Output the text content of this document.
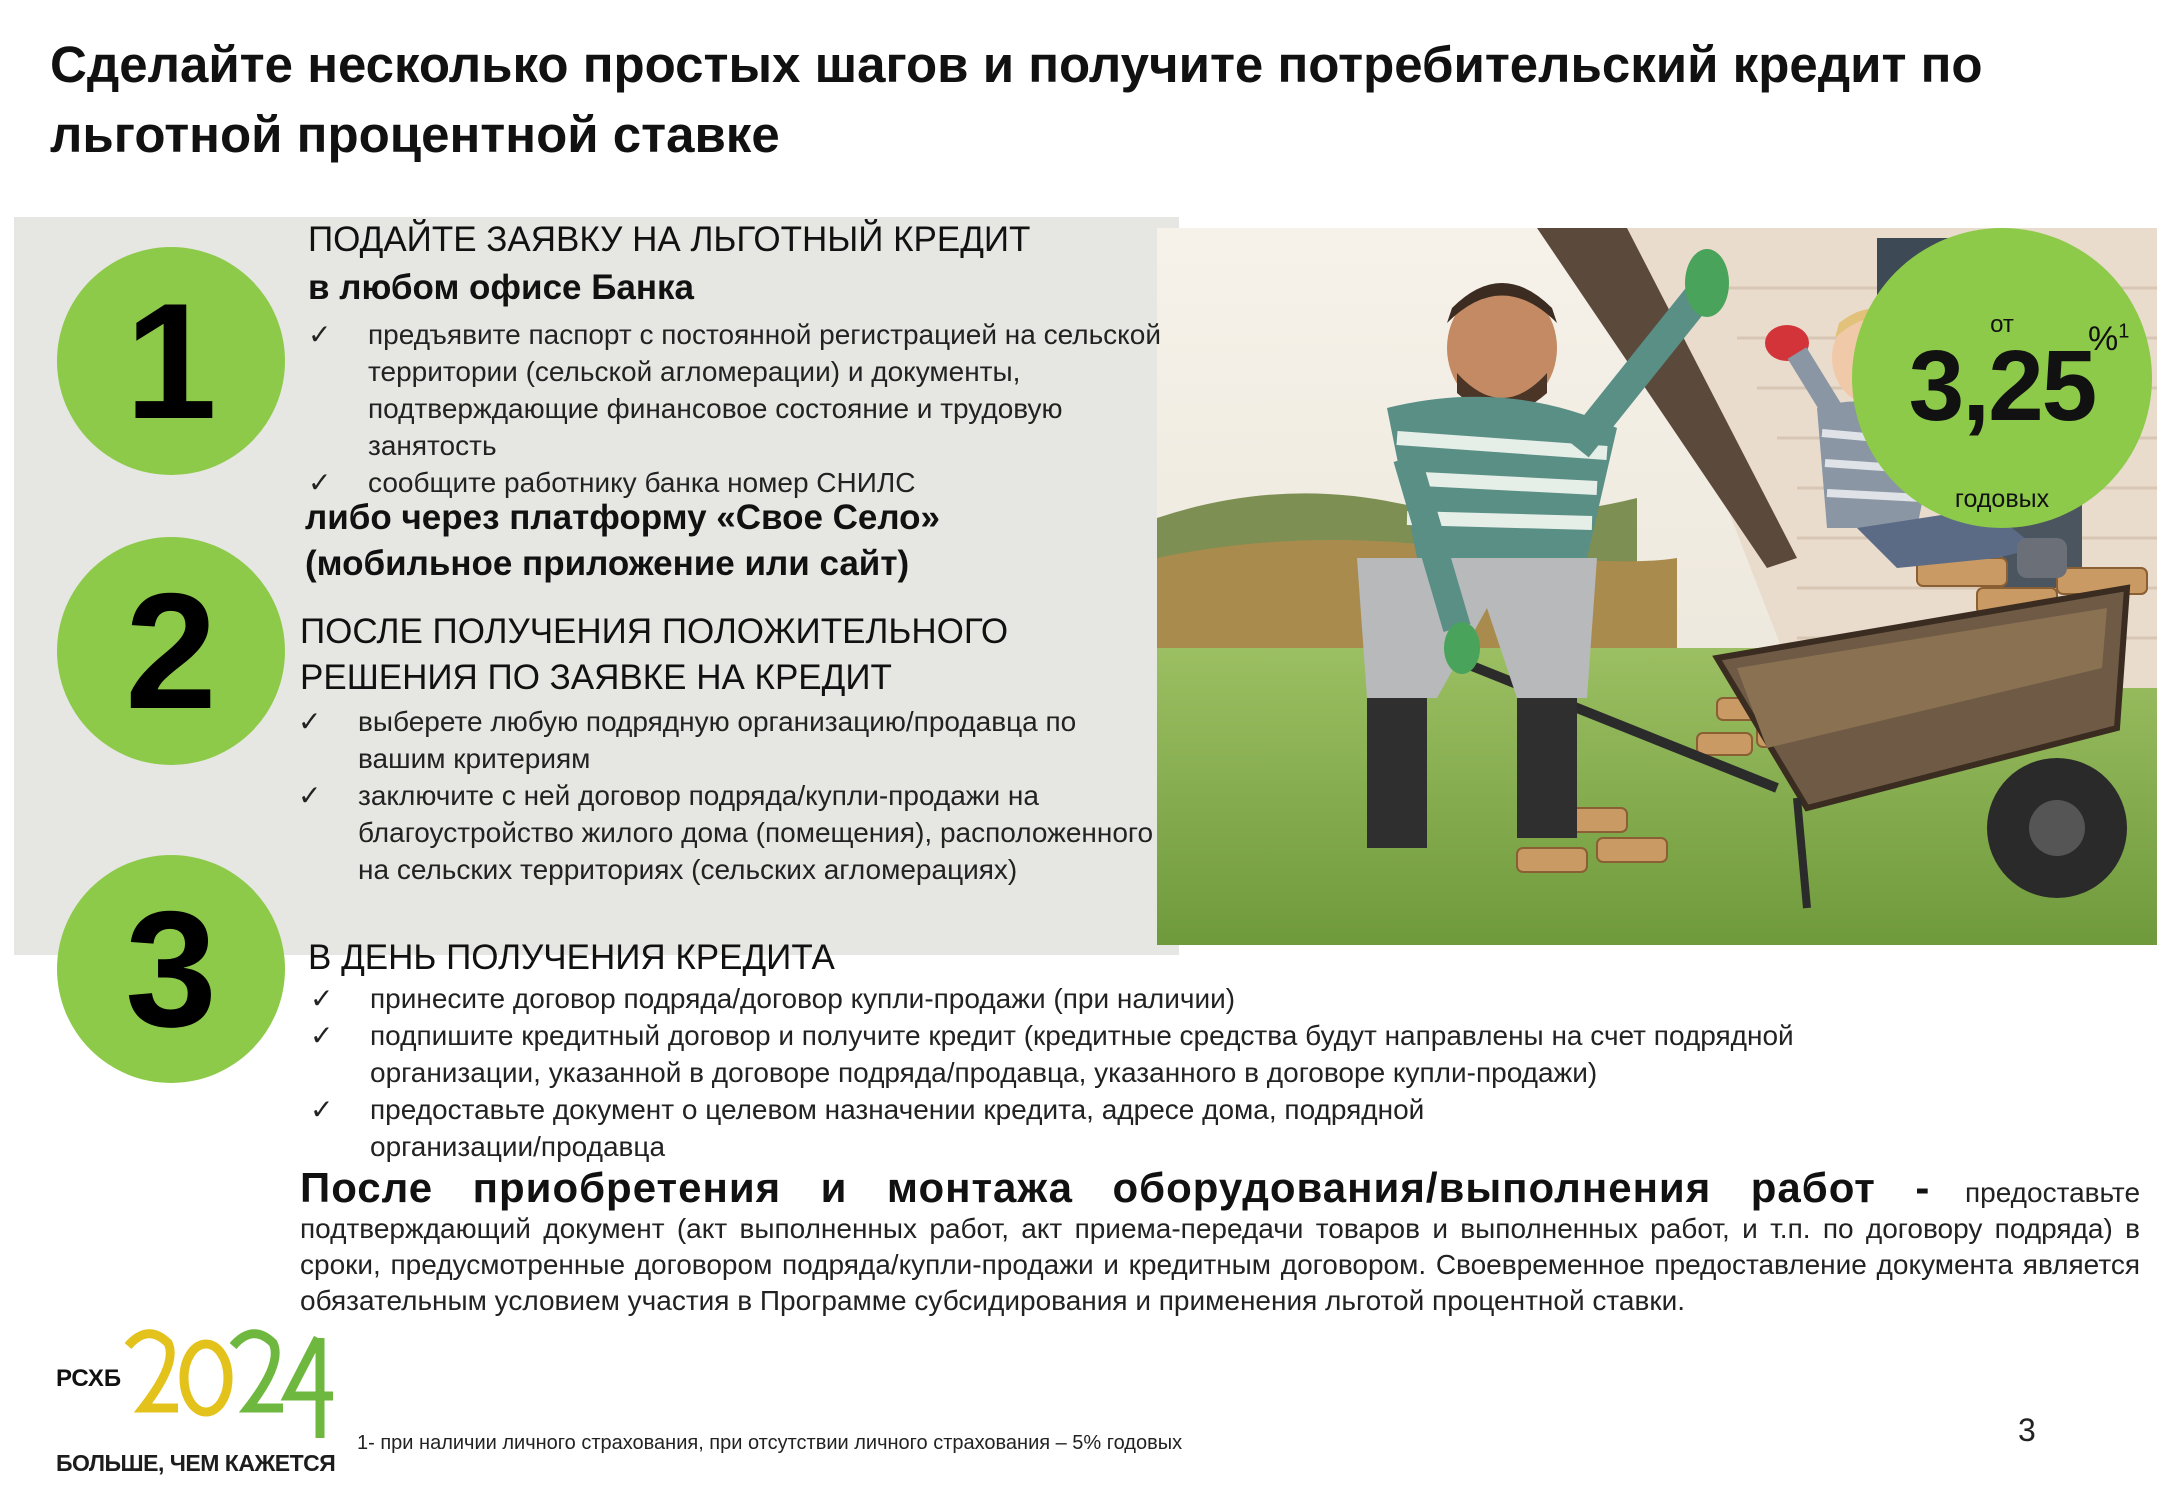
Сделайте несколько простых шагов и получите потребительский кредит по льготной процентной ставке
от	%$^1$
3,25
годовых
1
2
3
ПОДАЙТЕ ЗАЯВКУ НА ЛЬГОТНЫЙ КРЕДИТ
в любом офисе Банка
✓ предъявите паспорт с постоянной регистрацией на сельской территории (сельской агломерации) и документы, подтверждающие финансовое состояние и трудовую занятость
✓ сообщите работнику банка номер СНИЛС
либо через платформу «Свое Село»
(мобильное приложение или сайт)
ПОСЛЕ ПОЛУЧЕНИЯ ПОЛОЖИТЕЛЬНОГО
РЕШЕНИЯ ПО ЗАЯВКЕ НА КРЕДИТ
✓ выберете любую подрядную организацию/продавца по вашим критериям
✓ заключите с ней договор подряда/купли-продажи на благоустройство жилого дома (помещения), расположенного на сельских территориях (сельских агломерациях)
В ДЕНЬ ПОЛУЧЕНИЯ КРЕДИТА
✓ принесите договор подряда/договор купли-продажи (при наличии)
✓ подпишите кредитный договор и получите кредит (кредитные средства будут направлены на счет подрядной организации, указанной в договоре подряда/продавца, указанного в договоре купли-продажи)
✓ предоставьте документ о целевом назначении кредита, адресе дома, подрядной организации/продавца
После приобретения и монтажа оборудования/выполнения работ - предоставьте подтверждающий документ (акт выполненных работ, акт приема-передачи товаров и выполненных работ, и т.п. по договору подряда) в сроки, предусмотренные договором подряда/купли-продажи и кредитным договором. Своевременное предоставление документа является обязательным условием участия в Программе субсидирования и применения льготой процентной ставки.
РСХБ
БОЛЬШЕ, ЧЕМ КАЖЕТСЯ
1- при наличии личного страхования, при отсутствии личного страхования – 5% годовых	3
